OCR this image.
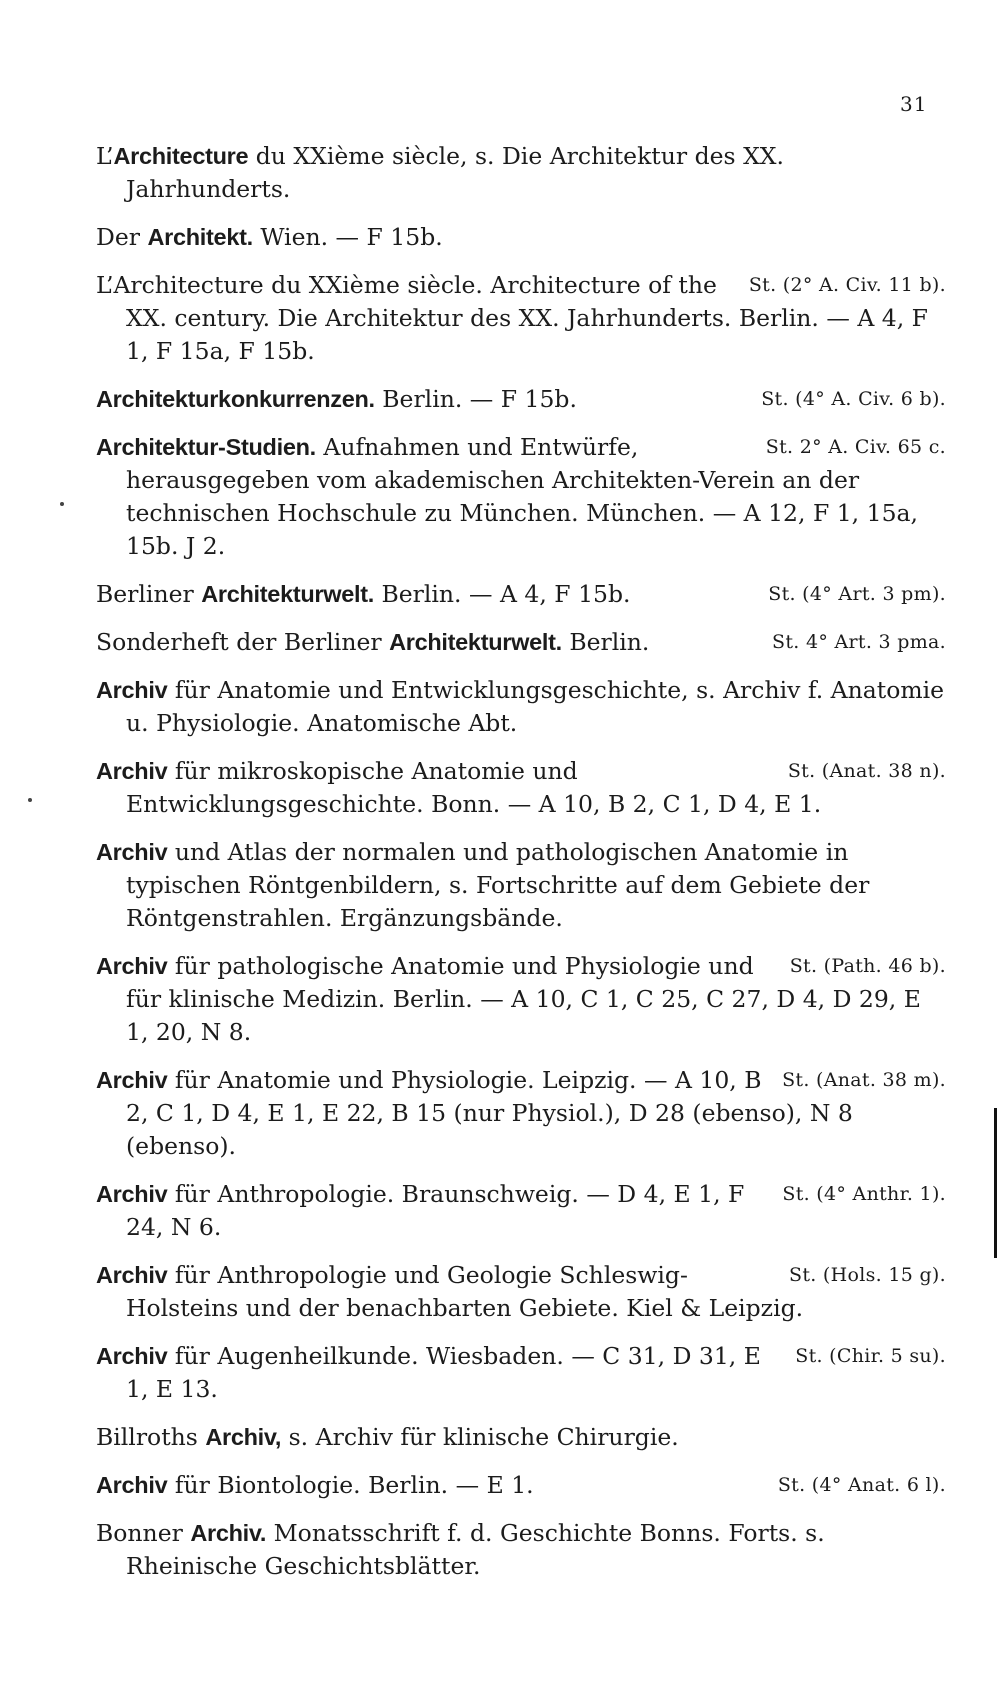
31

L’Architecture du XXième siècle, s. Die Architektur des XX. Jahrhunderts.

Der Architekt. Wien. — F 15b.

St. (2° A. Civ. 11 b).
L’Architecture du XXième siècle. Architecture of the XX. century. Die Architektur des XX. Jahrhunderts. Berlin. — A 4, F 1, F 15a, F 15b.

St. (4° A. Civ. 6 b).
Architekturkonkurrenzen. Berlin. — F 15b.

St. 2° A. Civ. 65 c.
Architektur-Studien. Aufnahmen und Entwürfe, herausgegeben vom akademischen Architekten-Verein an der technischen Hochschule zu München. München. — A 12, F 1, 15a, 15b. J 2.

St. (4° Art. 3 pm).
Berliner Architekturwelt. Berlin. — A 4, F 15b.

St. 4° Art. 3 pma.
Sonderheft der Berliner Architekturwelt. Berlin.

Archiv für Anatomie und Entwicklungsgeschichte, s. Archiv f. Anatomie u. Physiologie. Anatomische Abt.

St. (Anat. 38 n).
Archiv für mikroskopische Anatomie und Entwicklungsgeschichte. Bonn. — A 10, B 2, C 1, D 4, E 1.

Archiv und Atlas der normalen und pathologischen Anatomie in typischen Röntgenbildern, s. Fortschritte auf dem Gebiete der Röntgenstrahlen. Ergänzungsbände.

St. (Path. 46 b).
Archiv für pathologische Anatomie und Physiologie und für klinische Medizin. Berlin. — A 10, C 1, C 25, C 27, D 4, D 29, E 1, 20, N 8.

St. (Anat. 38 m).
Archiv für Anatomie und Physiologie. Leipzig. — A 10, B 2, C 1, D 4, E 1, E 22, B 15 (nur Physiol.), D 28 (ebenso), N 8 (ebenso).

St. (4° Anthr. 1).
Archiv für Anthropologie. Braunschweig. — D 4, E 1, F 24, N 6.

St. (Hols. 15 g).
Archiv für Anthropologie und Geologie Schleswig-Holsteins und der benachbarten Gebiete. Kiel & Leipzig.

St. (Chir. 5 su).
Archiv für Augenheilkunde. Wiesbaden. — C 31, D 31, E 1, E 13.

Billroths Archiv, s. Archiv für klinische Chirurgie.

St. (4° Anat. 6 l).
Archiv für Biontologie. Berlin. — E 1.

Bonner Archiv. Monatsschrift f. d. Geschichte Bonns. Forts. s. Rheinische Geschichtsblätter.
